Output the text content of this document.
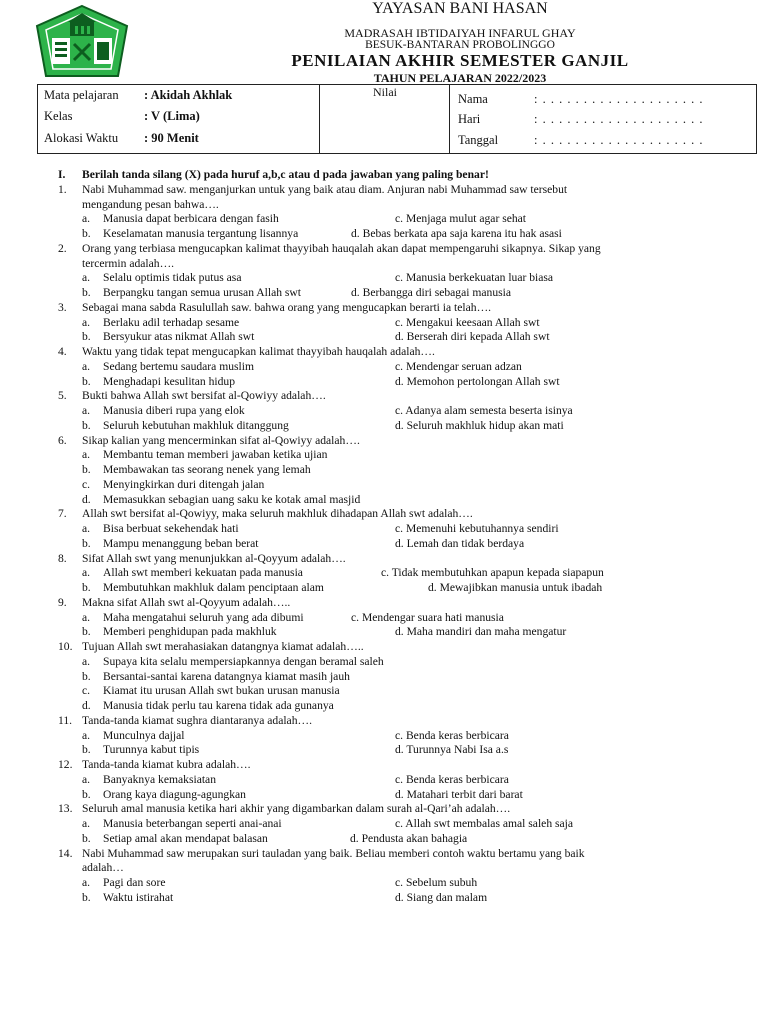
YAYASAN BANI HASAN
MADRASAH IBTIDAIYAH INFARUL GHAY
BESUK-BANTARAN PROBOLINGGO
PENILAIAN AKHIR SEMESTER GANJIL
TAHUN PELAJARAN 2022/2023
Mata pelajaran : Akidah Akhlak
Kelas	: V (Lima)
Alokasi Waktu : 90 Menit
Nilai	Nama	: . . . . . . . . . . . . . . . . . . . .
Hari	: . . . . . . . . . . . . . . . . . . . .
Tanggal	: . . . . . . . . . . . . . . . . . . . .
I. Berilah tanda silang (X) pada huruf a,b,c atau d pada jawaban yang paling benar!
1. Nabi Muhammad saw. menganjurkan untuk yang baik atau diam. Anjuran nabi Muhammad saw tersebut
mengandung pesan bahwa….
a. Manusia dapat berbicara dengan fasih	c. Menjaga mulut agar sehat
b. Keselamatan manusia tergantung lisannya	d. Bebas berkata apa saja karena itu hak asasi
2. Orang yang terbiasa mengucapkan kalimat thayyibah hauqalah akan dapat mempengaruhi sikapnya. Sikap yang
tercermin adalah….
a. Selalu optimis tidak putus asa	c. Manusia berkekuatan luar biasa
b. Berpangku tangan semua urusan Allah swt	d. Berbangga diri sebagai manusia
3. Sebagai mana sabda Rasulullah saw. bahwa orang yang mengucapkan berarti ia telah….
a. Berlaku adil terhadap sesame	c. Mengakui keesaan Allah swt
b. Bersyukur atas nikmat Allah swt	d. Berserah diri kepada Allah swt
4. Waktu yang tidak tepat mengucapkan kalimat thayyibah hauqalah adalah….
a. Sedang bertemu saudara muslim	c. Mendengar seruan adzan
b. Menghadapi kesulitan hidup	d. Memohon pertolongan Allah swt
5. Bukti bahwa Allah swt bersifat al-Qowiyy adalah….
a. Manusia diberi rupa yang elok	c. Adanya alam semesta beserta isinya
b. Seluruh kebutuhan makhluk ditanggung	d. Seluruh makhluk hidup akan mati
6. Sikap kalian yang mencerminkan sifat al-Qowiyy adalah….
a. Membantu teman memberi jawaban ketika ujian
b. Membawakan tas seorang nenek yang lemah
c. Menyingkirkan duri ditengah jalan
d. Memasukkan sebagian uang saku ke kotak amal masjid
7. Allah swt bersifat al-Qowiyy, maka seluruh makhluk dihadapan Allah swt adalah….
a. Bisa berbuat sekehendak hati	c. Memenuhi kebutuhannya sendiri
b. Mampu menanggung beban berat	d. Lemah dan tidak berdaya
8. Sifat Allah swt yang menunjukkan al-Qoyyum adalah….
a. Allah swt memberi kekuatan pada manusia	c. Tidak membutuhkan apapun kepada siapapun
b. Membutuhkan makhluk dalam penciptaan alam	d. Mewajibkan manusia untuk ibadah
9. Makna sifat Allah swt al-Qoyyum adalah…..
a. Maha mengatahui seluruh yang ada dibumi	c. Mendengar suara hati manusia
b. Memberi penghidupan pada makhluk	d. Maha mandiri dan maha mengatur
10. Tujuan Allah swt merahasiakan datangnya kiamat adalah…..
a. Supaya kita selalu mempersiapkannya dengan beramal saleh
b. Bersantai-santai karena datangnya kiamat masih jauh
c. Kiamat itu urusan Allah swt bukan urusan manusia
d. Manusia tidak perlu tau karena tidak ada gunanya
11. Tanda-tanda kiamat sughra diantaranya adalah….
a. Munculnya dajjal	c. Benda keras berbicara
b. Turunnya kabut tipis	d. Turunnya Nabi Isa a.s
12. Tanda-tanda kiamat kubra adalah….
a. Banyaknya kemaksiatan	c. Benda keras berbicara
b. Orang kaya diagung-agungkan	d. Matahari terbit dari barat
13. Seluruh amal manusia ketika hari akhir yang digambarkan dalam surah al-Qari’ah adalah….
a. Manusia beterbangan seperti anai-anai	c. Allah swt membalas amal saleh saja
b. Setiap amal akan mendapat balasan	d. Pendusta akan bahagia
14. Nabi Muhammad saw merupakan suri tauladan yang baik. Beliau memberi contoh waktu bertamu yang baik
adalah…
a. Pagi dan sore	c. Sebelum subuh
b. Waktu istirahat	d. Siang dan malam
